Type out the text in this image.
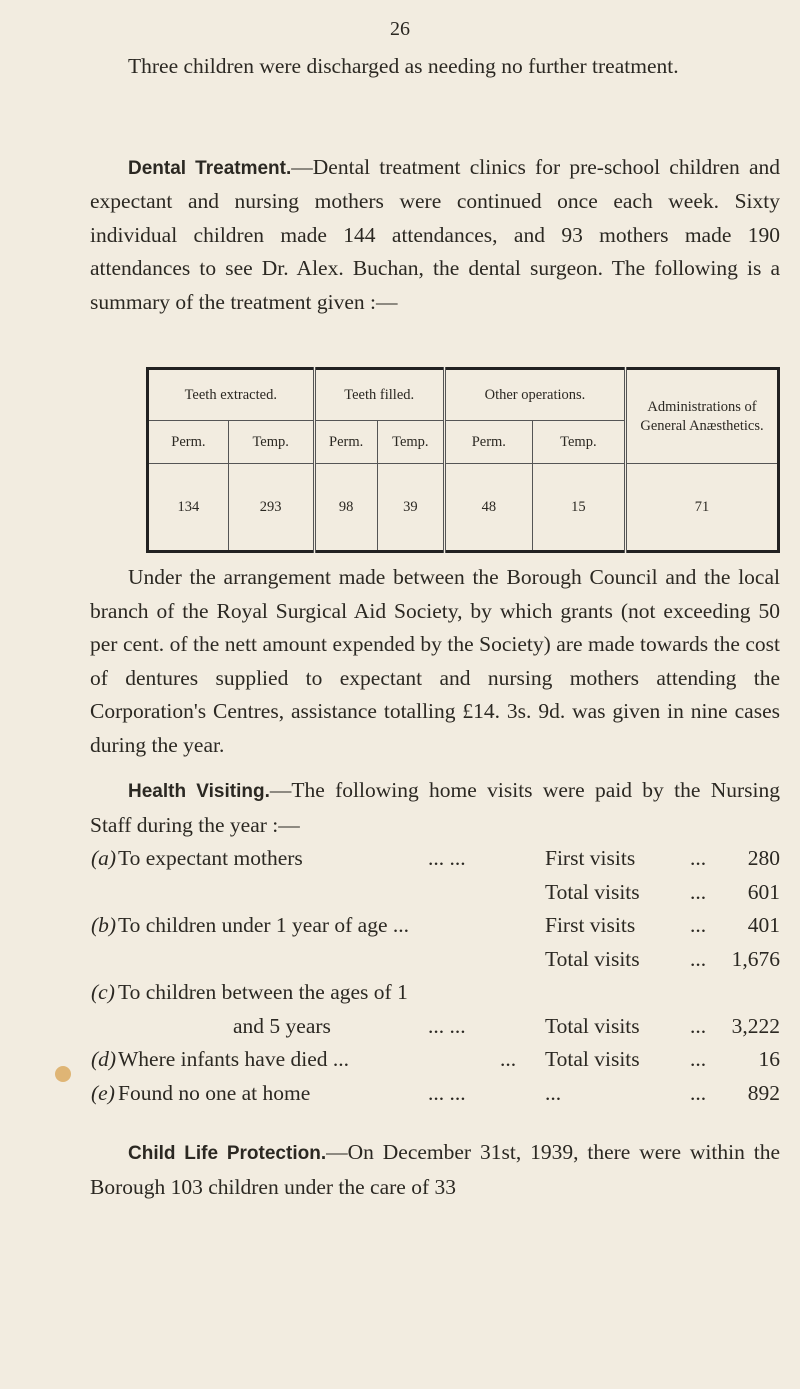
26

Three children were discharged as needing no further treatment.

Dental Treatment.—Dental treatment clinics for pre-school children and expectant and nursing mothers were continued once each week. Sixty individual children made 144 attendances, and 93 mothers made 190 attendances to see Dr. Alex. Buchan, the dental surgeon. The following is a summary of the treatment given :—

Teeth extracted.		Teeth filled.		Other operations.		Administrations of General Anæsthetics.
Perm.	Temp.	Perm.	Temp.	Perm.	Temp.	
134	293	98	39	48	15	71

Under the arrangement made between the Borough Council and the local branch of the Royal Surgical Aid Society, by which grants (not exceeding 50 per cent. of the nett amount expended by the Society) are made towards the cost of dentures supplied to expectant and nursing mothers attending the Corporation's Centres, assistance totalling £14. 3s. 9d. was given in nine cases during the year.

Health Visiting.—The following home visits were paid by the Nursing Staff during the year :—

(a) To expectant mothers	... ...	First visits	... 280
Total visits ... 601
(b) To children under 1 year of age ...	First visits	... 401
Total visits ... 1,676
(c) To children between the ages of 1
and 5 years	... ...	Total visits ... 3,222
(d) Where infants have died ...	... Total visits ... 16
(e) Found no one at home	... ...	...	... 892

Child Life Protection.—On December 31st, 1939, there were within the Borough 103 children under the care of 33
